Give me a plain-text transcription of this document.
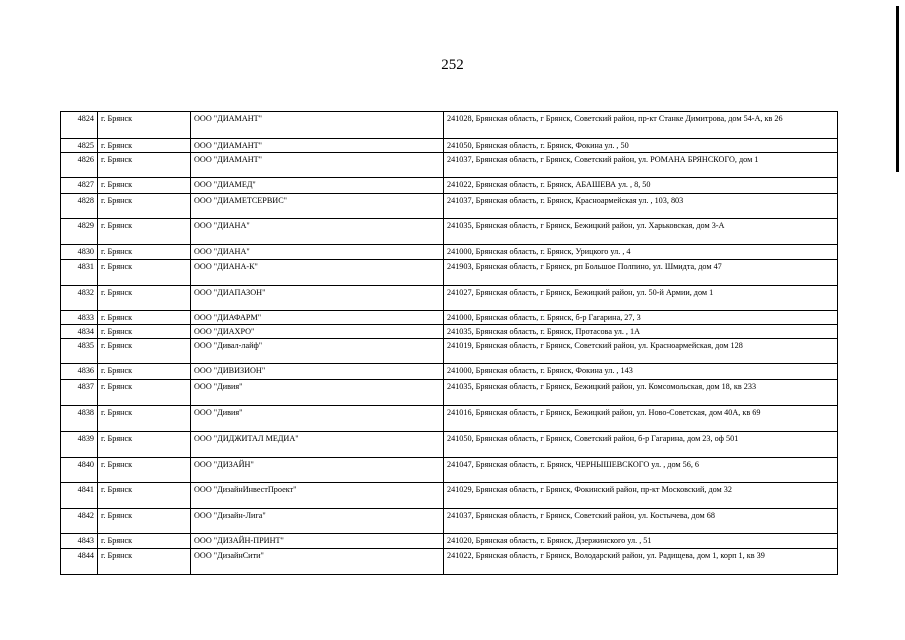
252
4824	г. Брянск	ООО "ДИАМАНТ"	241028, Брянская область, г Брянск, Советский район, пр-кт Станке Димитрова, дом 54-А, кв 26
4825	г. Брянск	ООО "ДИАМАНТ"	241050, Брянская область, г. Брянск, Фокина ул. , 50
4826	г. Брянск	ООО "ДИАМАНТ"	241037, Брянская область, г Брянск, Советский район, ул. РОМАНА БРЯНСКОГО, дом 1
4827	г. Брянск	ООО "ДИАМЕД"	241022, Брянская область, г. Брянск, АБАШЕВА ул. , 8, 50
4828	г. Брянск	ООО "ДИАМЕТСЕРВИС"	241037, Брянская область, г. Брянск, Красноармейская ул. , 103, 803
4829	г. Брянск	ООО "ДИАНА"	241035, Брянская область, г Брянск, Бежицкий район, ул. Харьковская, дом 3-А
4830	г. Брянск	ООО "ДИАНА"	241000, Брянская область, г. Брянск, Урицкого ул. , 4
4831	г. Брянск	ООО "ДИАНА-К"	241903, Брянская область, г Брянск, рп Большое Полпино, ул. Шмидта, дом 47
4832	г. Брянск	ООО "ДИАПАЗОН"	241027, Брянская область, г Брянск, Бежицкий район, ул. 50-й Армии, дом 1
4833	г. Брянск	ООО "ДИАФАРМ"	241000, Брянская область, г. Брянск, б-р Гагарина, 27, 3
4834	г. Брянск	ООО "ДИАХРО"	241035, Брянская область, г. Брянск, Протасова ул. , 1А
4835	г. Брянск	ООО "Дивал-лайф"	241019, Брянская область, г Брянск, Советский район, ул. Красноармейская, дом 128
4836	г. Брянск	ООО "ДИВИЗИОН"	241000, Брянская область, г. Брянск, Фокина ул. , 143
4837	г. Брянск	ООО "Дивия"	241035, Брянская область, г Брянск, Бежицкий район, ул. Комсомольская, дом 18, кв 233
4838	г. Брянск	ООО "Дивия"	241016, Брянская область, г Брянск, Бежицкий район, ул. Ново-Советская, дом 40А, кв 69
4839	г. Брянск	ООО "ДИДЖИТАЛ МЕДИА"	241050, Брянская область, г Брянск, Советский район, б-р Гагарина, дом 23, оф 501
4840	г. Брянск	ООО "ДИЗАЙН"	241047, Брянская область, г. Брянск, ЧЕРНЫШЕВСКОГО ул. , дом 56, 6
4841	г. Брянск	ООО "ДизайнИнвестПроект"	241029, Брянская область, г Брянск, Фокинский район, пр-кт Московский, дом 32
4842	г. Брянск	ООО "Дизайн-Лига"	241037, Брянская область, г Брянск, Советский район, ул. Костычева, дом 68
4843	г. Брянск	ООО "ДИЗАЙН-ПРИНТ"	241020, Брянская область, г. Брянск, Дзержинского ул. , 51
4844	г. Брянск	ООО "ДизайнСити"	241022, Брянская область, г Брянск, Володарский район, ул. Радищева, дом 1, корп 1, кв 39
